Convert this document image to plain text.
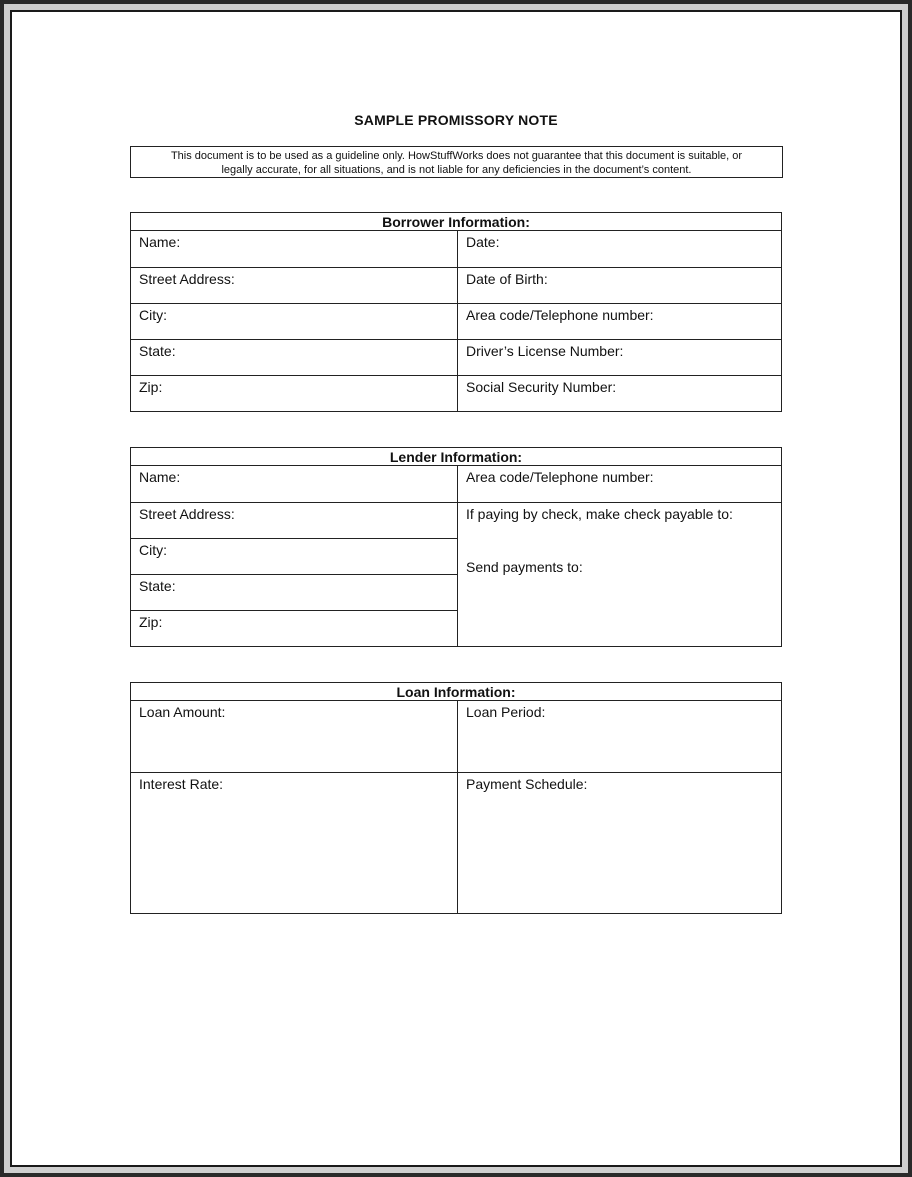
SAMPLE PROMISSORY NOTE
This document is to be used as a guideline only. HowStuffWorks does not guarantee that this document is suitable, or
legally accurate, for all situations, and is not liable for any deficiencies in the document’s content.
Borrower Information:
Name:	Date:
Street Address:	Date of Birth:
City:	Area code/Telephone number:
State:	Driver’s License Number:
Zip:	Social Security Number:
Lender Information:
Name:	Area code/Telephone number:
Street Address:
City:
State:
Zip:
If paying by check, make check payable to:
Send payments to:
Loan Information:
Loan Amount:	Loan Period:
Interest Rate:	Payment Schedule:
